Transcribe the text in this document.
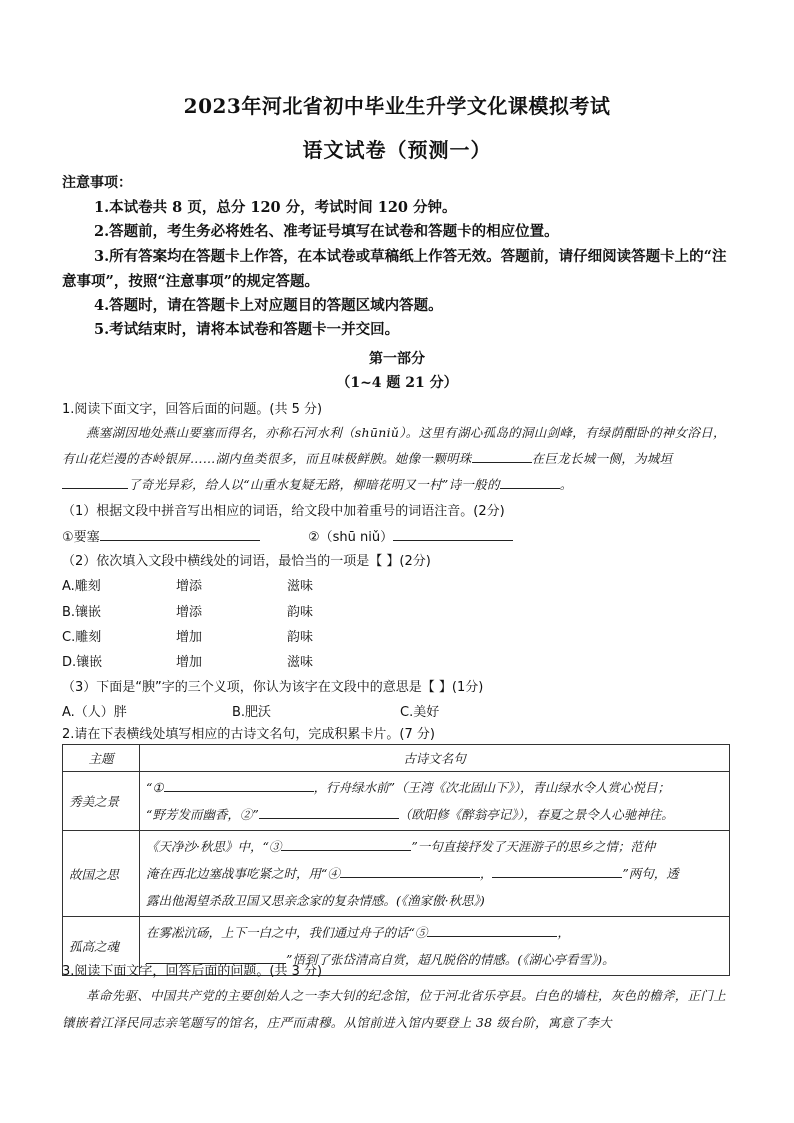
2023年河北省初中毕业生升学文化课模拟考试
语文试卷（预测一）
注意事项：

1.本试卷共 8 页，总分 120 分，考试时间 120 分钟。

2.答题前，考生务必将姓名、准考证号填写在试卷和答题卡的相应位置。

3.所有答案均在答题卡上作答，在本试卷或草稿纸上作答无效。答题前，请仔细阅读答题卡上的“注意事项”，按照“注意事项”的规定答题。

4.答题时，请在答题卡上对应题目的答题区域内答题。

5.考试结束时，请将本试卷和答题卡一并交回。

第一部分
（1~4 题 21 分）
1.阅读下面文字，回答后面的问题。(共 5 分)
燕塞湖因地处燕山要塞而得名，亦称石河水利（shūniǔ）。这里有湖心孤岛的洞山剑峰，有绿荫酣卧的神女浴日，有山花烂漫的杏岭银屏……湖内鱼类很多，而且味极鲜腴。她像一颗明珠	在巨龙长城一侧，为城垣了奇光异彩，给人以“山重水复疑无路，柳暗花明又一村”诗一般的	。
（1）根据文段中拼音写出相应的词语，给文段中加着重号的词语注音。(2分)
①要塞	②（shū niǔ）
（2）依次填入文段中横线处的词语，最恰当的一项是【 】(2分)
A.雕刻	增添	滋味
B.镶嵌	增添	韵味
C.雕刻	增加	韵味
D.镶嵌	增加	滋味
（3）下面是“腴”字的三个义项，你认为该字在文段中的意思是【 】(1分)
A.（人）胖	B.肥沃	C.美好
2.请在下表横线处填写相应的古诗文名句，完成积累卡片。(7 分)
主题	古诗文名句
秀美之景	“① ，行舟绿水前”（王湾《次北固山下》），青山绿水令人赏心悦目；
“野芳发而幽香，②” （欧阳修《醉翁亭记》），春夏之景令人心驰神往。
故国之思	《天净沙·秋思》中，“③ ”一句直接抒发了天涯游子的思乡之情；范仲
淹在西北边塞战事吃紧之时，用“④ ， ”两句，透
露出他渴望杀敌卫国又思亲念家的复杂情感。(《渔家傲·秋思》)
孤高之魂	在雾凇沆砀，上下一白之中，我们通过舟子的话“⑤ ，
”悟到了张岱清高自赏，超凡脱俗的情感。(《湖心亭看雪》)。
3.阅读下面文字，回答后面的问题。(共 3 分)
革命先驱、中国共产党的主要创始人之一李大钊的纪念馆，位于河北省乐亭县。白色的墙柱，灰色的檐斧，正门上镶嵌着江泽民同志亲笔题写的馆名，庄严而肃穆。从馆前进入馆内要登上 38 级台阶，寓意了李大
